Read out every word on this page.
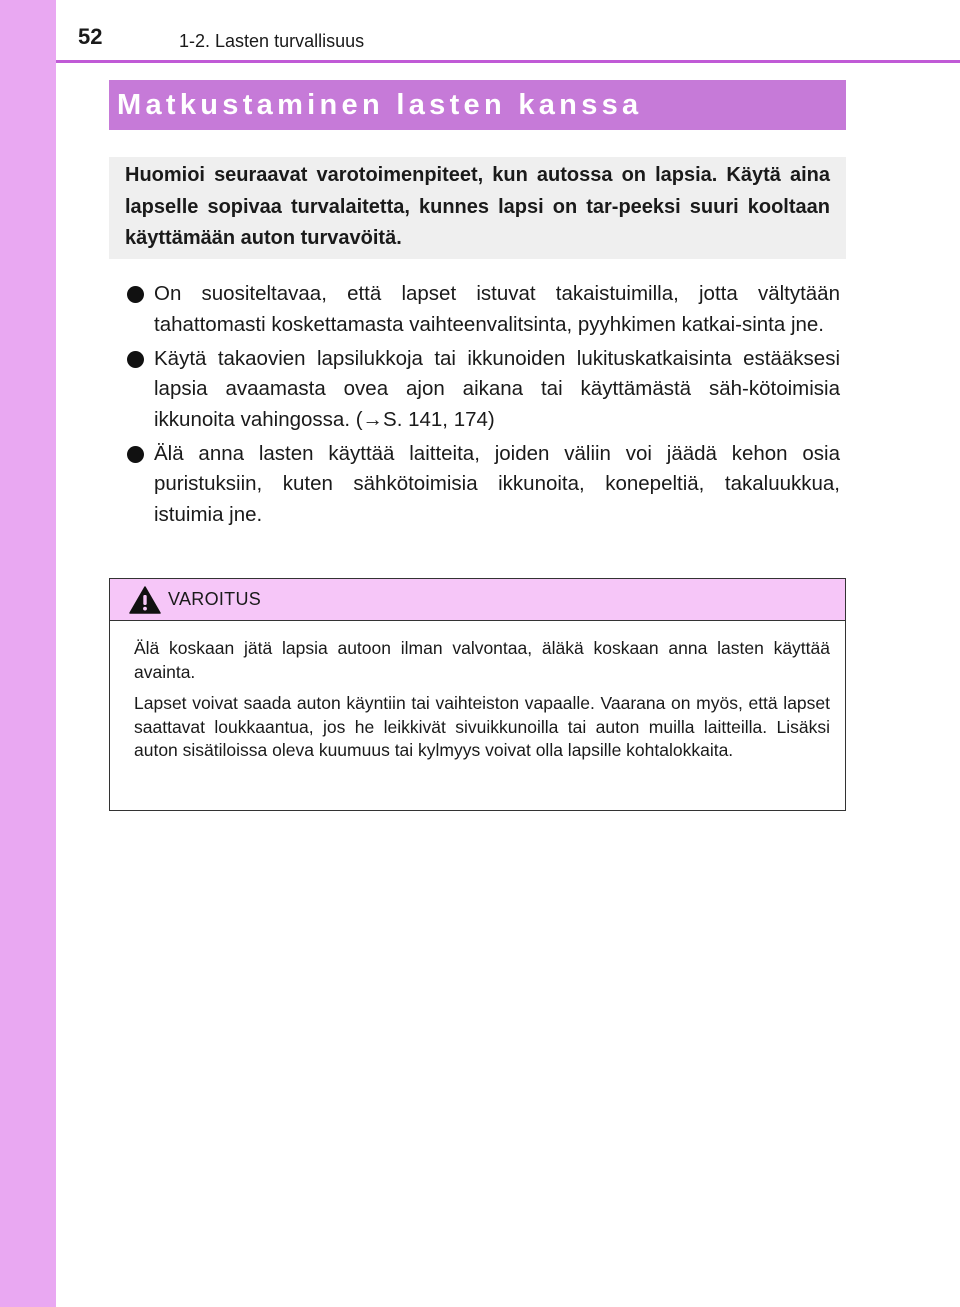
52	1-2. Lasten turvallisuus
Matkustaminen lasten kanssa

Huomioi seuraavat varotoimenpiteet, kun autossa on lapsia. Käytä aina lapselle sopivaa turvalaitetta, kunnes lapsi on tar-peeksi suuri kooltaan käyttämään auton turvavöitä.

On suositeltavaa, että lapset istuvat takaistuimilla, jotta vältytään tahattomasti koskettamasta vaihteenvalitsinta, pyyhkimen katkai-sinta jne.
Käytä takaovien lapsilukkoja tai ikkunoiden lukituskatkaisinta estääksesi lapsia avaamasta ovea ajon aikana tai käyttämästä säh-kötoimisia ikkunoita vahingossa. (→S. 141, 174)
Älä anna lasten käyttää laitteita, joiden väliin voi jäädä kehon osia puristuksiin, kuten sähkötoimisia ikkunoita, konepeltiä, takaluukkua, istuimia jne.
VAROITUS

Älä koskaan jätä lapsia autoon ilman valvontaa, äläkä koskaan anna lasten käyttää avainta.

Lapset voivat saada auton käyntiin tai vaihteiston vapaalle. Vaarana on myös, että lapset saattavat loukkaantua, jos he leikkivät sivuikkunoilla tai auton muilla laitteilla. Lisäksi auton sisätiloissa oleva kuumuus tai kylmyys voivat olla lapsille kohtalokkaita.
